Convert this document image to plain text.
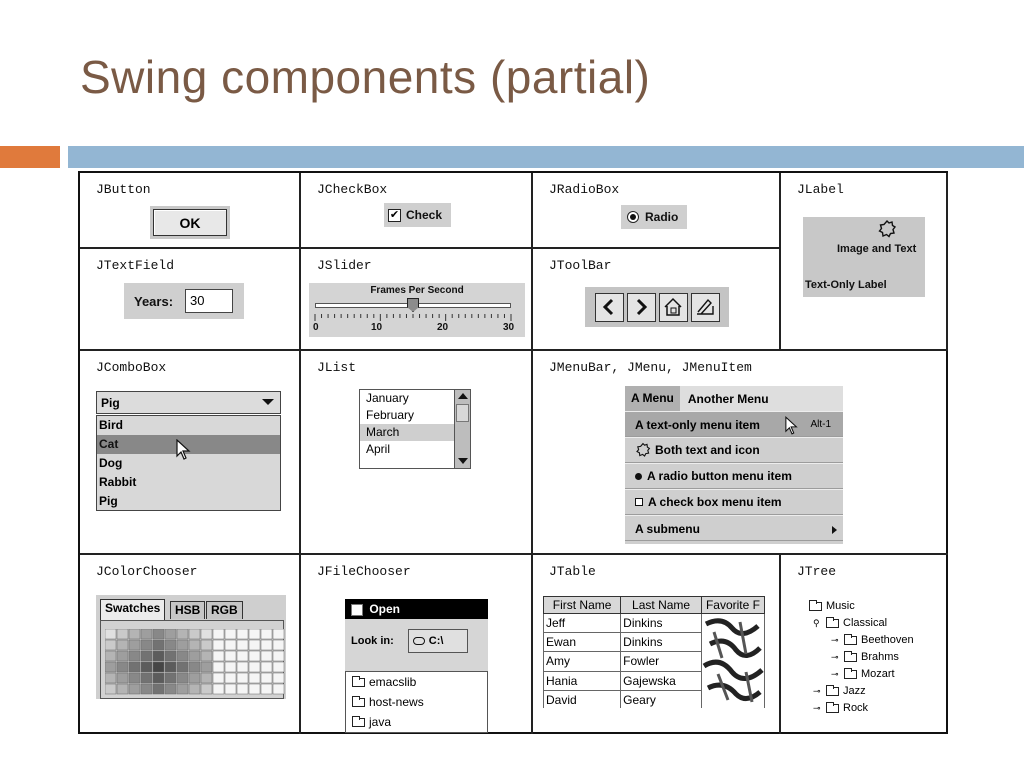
Swing components (partial)
JButton
OK
JCheckBox
✔ Check
JRadioBox
Radio
JLabel
Image and Text
Text-Only Label
JTextField
Years:	30
JSlider
Frames Per Second
0	10	20	30
JToolBar
JComboBox
Pig
Bird
Cat
Dog
Rabbit
Pig
JList
January
February
March
April
JMenuBar, JMenu, JMenuItem
A Menu	Another Menu
A text-only menu item	Alt-1
Both text and icon
A radio button menu item
A check box menu item
A submenu
JColorChooser
Swatches	HSB RGB
JFileChooser
Open
Look in:	C:\
emacslib
host-news
java
JTable
First Name	Last Name	Favorite F
Jeff	Dinkins	
Ewan	Dinkins	
Amy	Fowler	
Hania	Gajewska	
David	Geary	
JTree
Music
⚲	Classical
⊸	Beethoven
⊸	Brahms
⊸	Mozart
⊸	Jazz
⊸	Rock
